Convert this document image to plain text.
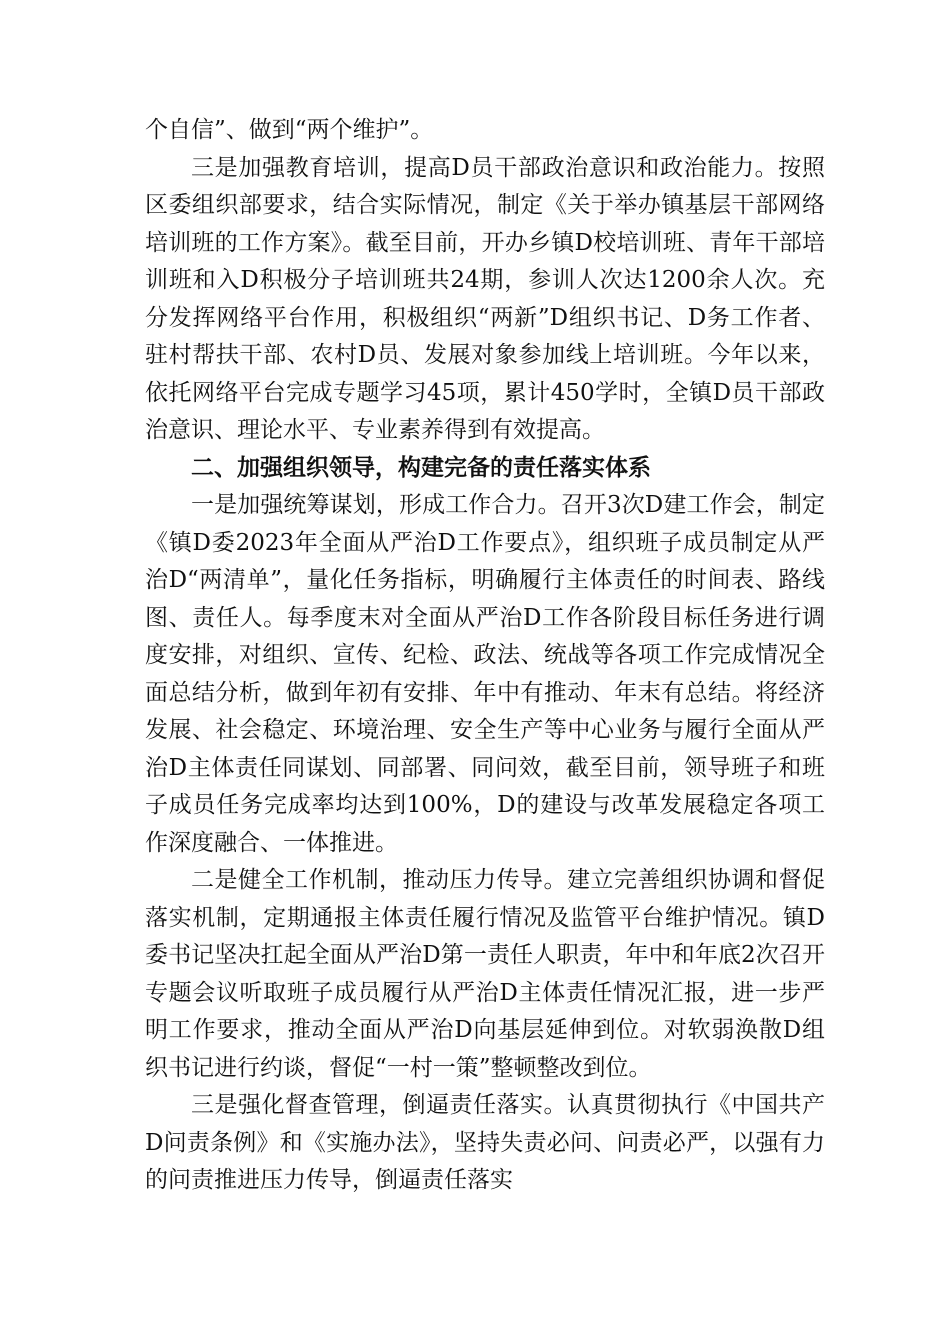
个自信”、做到“两个维护”。

三是加强教育培训，提高D员干部政治意识和政治能力。按照区委组织部要求，结合实际情况，制定《关于举办镇基层干部网络培训班的工作方案》。截至目前，开办乡镇D校培训班、青年干部培训班和入D积极分子培训班共24期，参训人次达1200余人次。充分发挥网络平台作用，积极组织“两新”D组织书记、D务工作者、驻村帮扶干部、农村D员、发展对象参加线上培训班。今年以来，依托网络平台完成专题学习45项，累计450学时，全镇D员干部政治意识、理论水平、专业素养得到有效提高。

二、加强组织领导，构建完备的责任落实体系

一是加强统筹谋划，形成工作合力。召开3次D建工作会，制定《镇D委2023年全面从严治D工作要点》，组织班子成员制定从严治D“两清单”，量化任务指标，明确履行主体责任的时间表、路线图、责任人。每季度末对全面从严治D工作各阶段目标任务进行调度安排，对组织、宣传、纪检、政法、统战等各项工作完成情况全面总结分析，做到年初有安排、年中有推动、年末有总结。将经济发展、社会稳定、环境治理、安全生产等中心业务与履行全面从严治D主体责任同谋划、同部署、同问效，截至目前，领导班子和班子成员任务完成率均达到100%，D的建设与改革发展稳定各项工作深度融合、一体推进。

二是健全工作机制，推动压力传导。建立完善组织协调和督促落实机制，定期通报主体责任履行情况及监管平台维护情况。镇D委书记坚决扛起全面从严治D第一责任人职责，年中和年底2次召开专题会议听取班子成员履行从严治D主体责任情况汇报，进一步严明工作要求，推动全面从严治D向基层延伸到位。对软弱涣散D组织书记进行约谈，督促“一村一策”整顿整改到位。

三是强化督查管理，倒逼责任落实。认真贯彻执行《中国共产D问责条例》和《实施办法》，坚持失责必问、问责必严，以强有力的问责推进压力传导，倒逼责任落实
